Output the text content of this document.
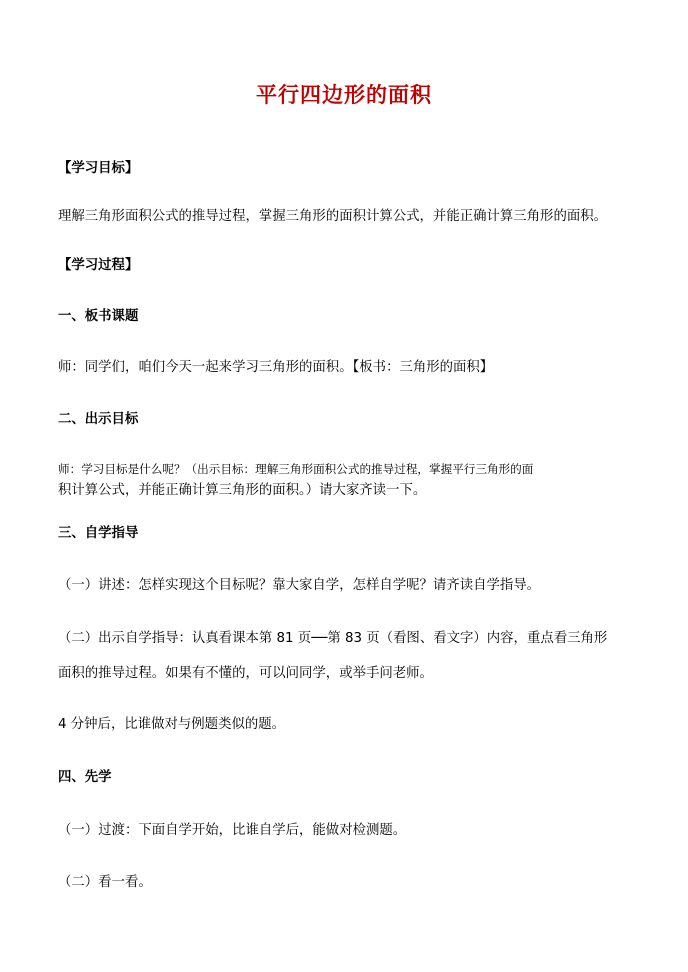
平行四边形的面积
【学习目标】
理解三角形面积公式的推导过程，掌握三角形的面积计算公式，并能正确计算三角形的面积。
【学习过程】
一、板书课题
师：同学们，咱们今天一起来学习三角形的面积。【板书：三角形的面积】
二、出示目标
师：学习目标是什么呢？（出示目标：理解三角形面积公式的推导过程，掌握平行三角形的面
积计算公式，并能正确计算三角形的面积。）请大家齐读一下。
三、自学指导
（一）讲述：怎样实现这个目标呢？靠大家自学，怎样自学呢？请齐读自学指导。
（二）出示自学指导：认真看课本第 81 页──第 83 页（看图、看文字）内容，重点看三角形
面积的推导过程。如果有不懂的，可以问同学，或举手问老师。
4 分钟后，比谁做对与例题类似的题。
四、先学
（一）过渡：下面自学开始，比谁自学后，能做对检测题。
（二）看一看。
